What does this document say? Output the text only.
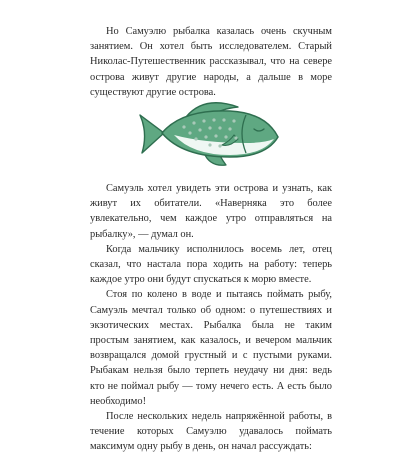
Но Самуэлю рыбалка казалась очень скучным занятием. Он хотел быть исследователем. Старый Николас-Путешественник рассказывал, что на севере острова живут другие народы, а дальше в море существуют другие острова.

Самуэль хотел увидеть эти острова и узнать, как живут их обитатели. «Наверняка это более увлекательно, чем каждое утро отправляться на рыбалку», — думал он.

Когда мальчику исполнилось восемь лет, отец сказал, что настала пора ходить на работу: теперь каждое утро они будут спускаться к морю вместе.

Стоя по колено в воде и пытаясь поймать рыбу, Самуэль мечтал только об одном: о путешествиях и экзотических местах. Рыбалка была не таким простым занятием, как казалось, и вечером мальчик возвращался домой грустный и с пустыми руками. Рыбакам нельзя было терпеть неудачу ни дня: ведь кто не поймал рыбу — тому нечего есть. А есть было необходимо!

После нескольких недель напряжённой работы, в течение которых Самуэлю удавалось поймать максимум одну рыбу в день, он начал рассуждать:
